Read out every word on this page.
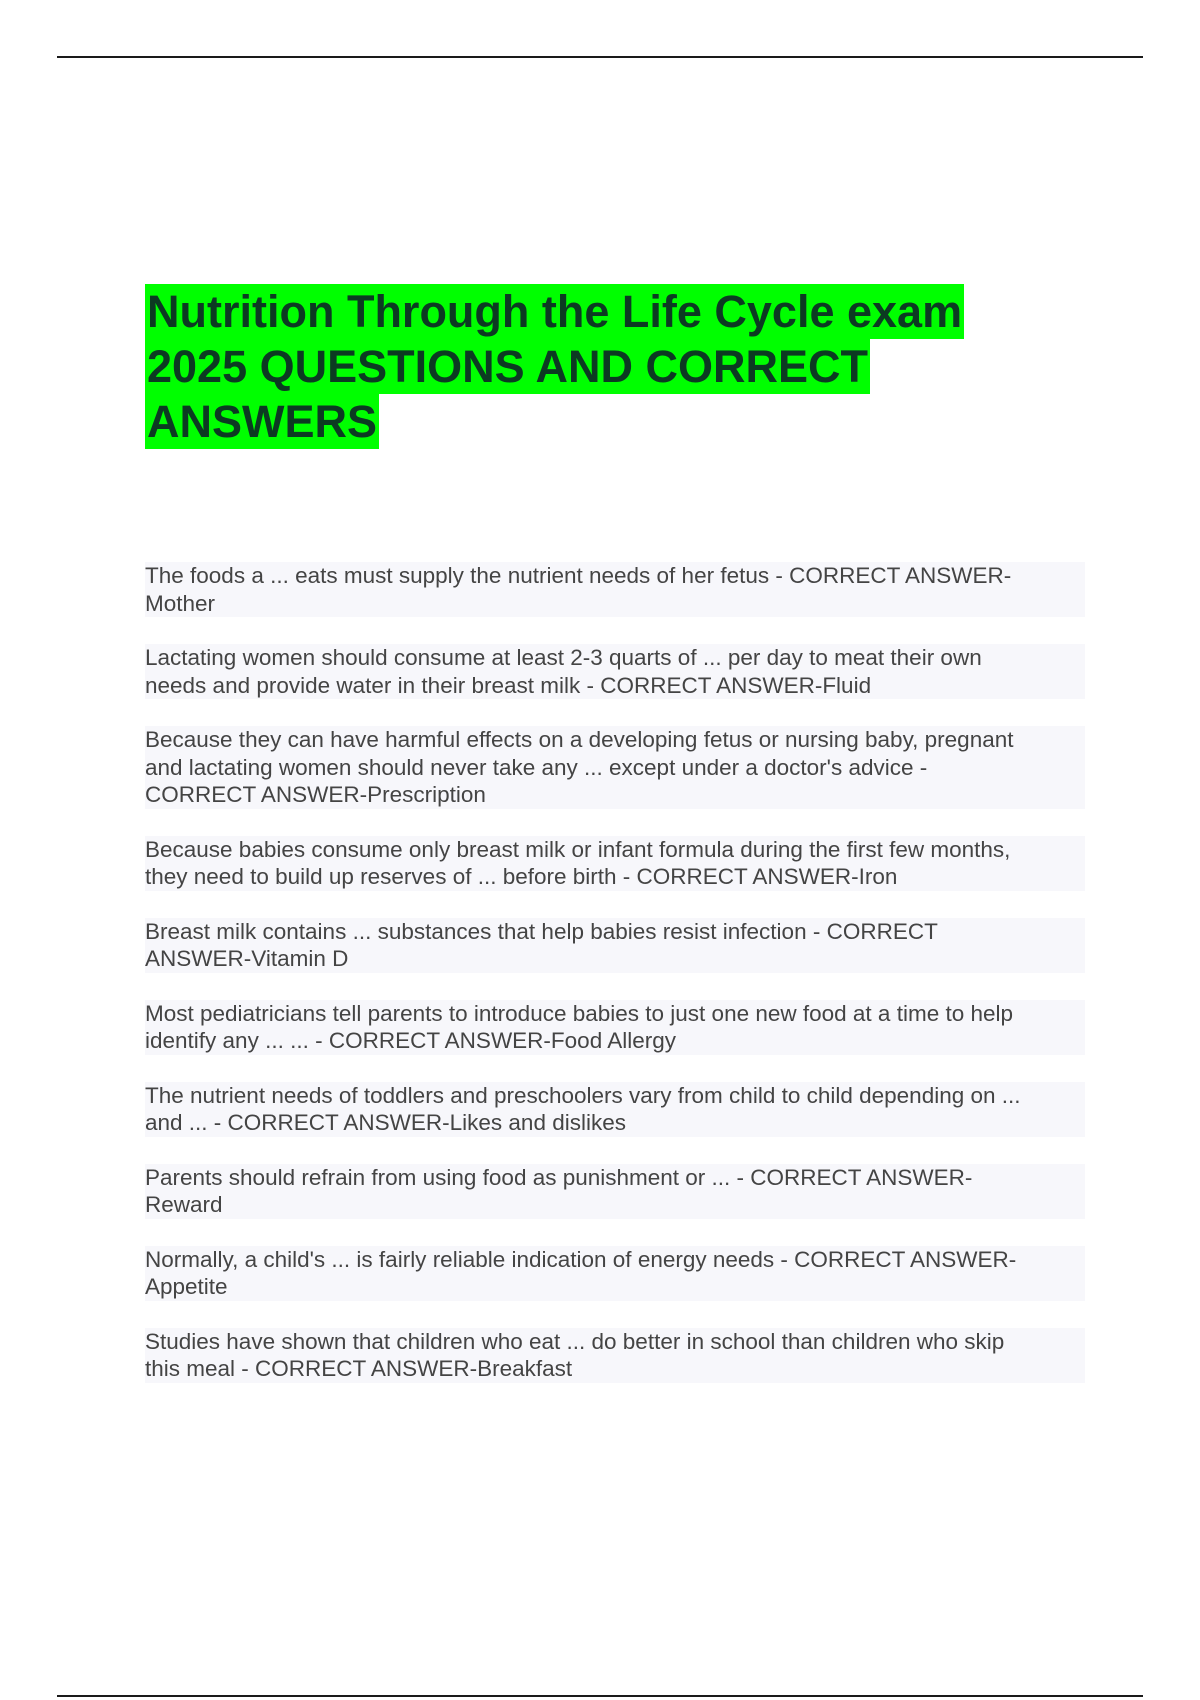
Nutrition Through the Life Cycle exam
2025 QUESTIONS AND CORRECT
ANSWERS
The foods a ... eats must supply the nutrient needs of her fetus - CORRECT ANSWER-
Mother
Lactating women should consume at least 2-3 quarts of ... per day to meat their own
needs and provide water in their breast milk - CORRECT ANSWER-Fluid
Because they can have harmful effects on a developing fetus or nursing baby, pregnant
and lactating women should never take any ... except under a doctor's advice -
CORRECT ANSWER-Prescription
Because babies consume only breast milk or infant formula during the first few months,
they need to build up reserves of ... before birth - CORRECT ANSWER-Iron
Breast milk contains ... substances that help babies resist infection - CORRECT
ANSWER-Vitamin D
Most pediatricians tell parents to introduce babies to just one new food at a time to help
identify any ... ... - CORRECT ANSWER-Food Allergy
The nutrient needs of toddlers and preschoolers vary from child to child depending on ...
and ... - CORRECT ANSWER-Likes and dislikes
Parents should refrain from using food as punishment or ... - CORRECT ANSWER-
Reward
Normally, a child's ... is fairly reliable indication of energy needs - CORRECT ANSWER-
Appetite
Studies have shown that children who eat ... do better in school than children who skip
this meal - CORRECT ANSWER-Breakfast
